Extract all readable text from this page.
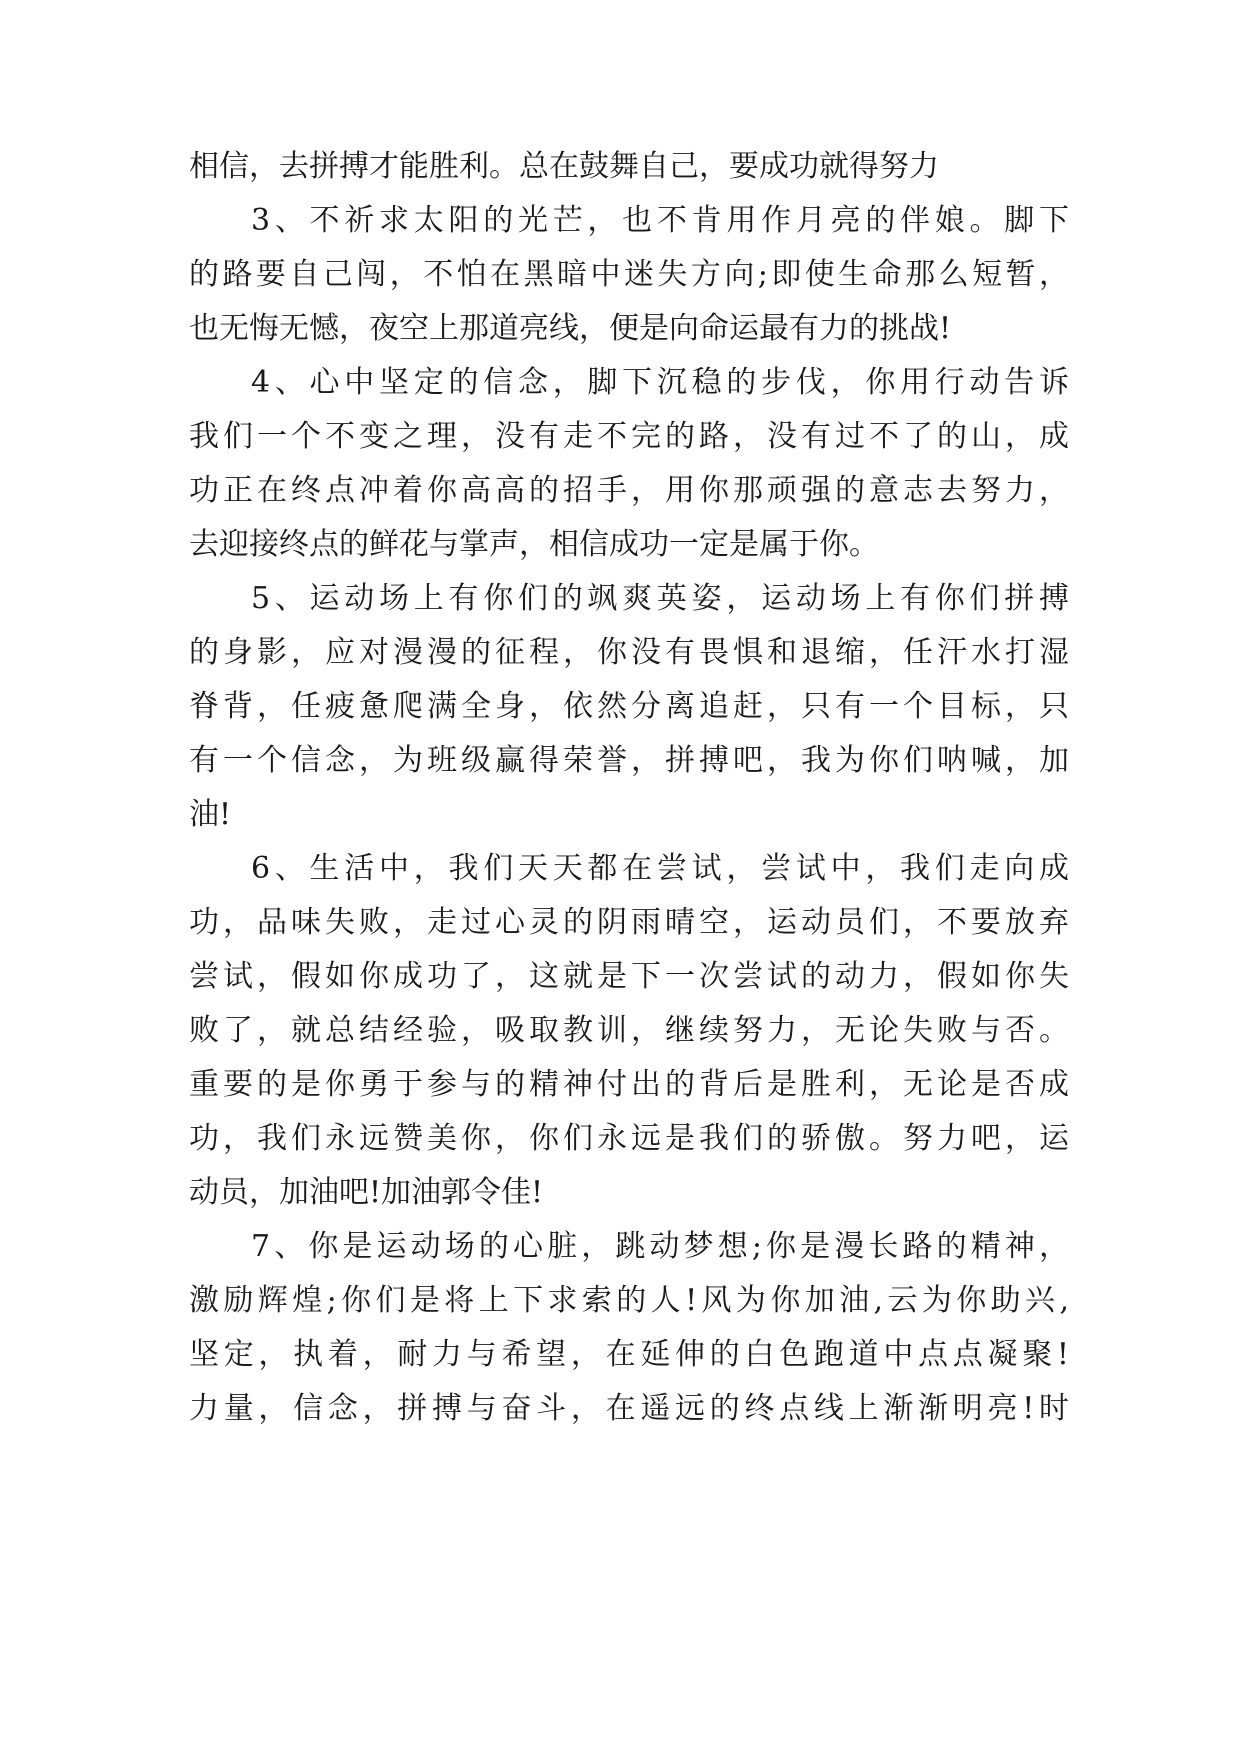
相信，去拼搏才能胜利。总在鼓舞自己，要成功就得努力

3、不祈求太阳的光芒，也不肯用作月亮的伴娘。脚下

的路要自己闯，不怕在黑暗中迷失方向;即使生命那么短暂，

也无悔无憾，夜空上那道亮线，便是向命运最有力的挑战!

4、心中坚定的信念，脚下沉稳的步伐，你用行动告诉

我们一个不变之理，没有走不完的路，没有过不了的山，成

功正在终点冲着你高高的招手，用你那顽强的意志去努力，

去迎接终点的鲜花与掌声，相信成功一定是属于你。

5、运动场上有你们的飒爽英姿，运动场上有你们拼搏

的身影，应对漫漫的征程，你没有畏惧和退缩，任汗水打湿

脊背，任疲惫爬满全身，依然分离追赶，只有一个目标，只

有一个信念，为班级赢得荣誉，拼搏吧，我为你们呐喊，加

油!

6、生活中，我们天天都在尝试，尝试中，我们走向成

功，品味失败，走过心灵的阴雨晴空，运动员们，不要放弃

尝试，假如你成功了，这就是下一次尝试的动力，假如你失

败了，就总结经验，吸取教训，继续努力，无论失败与否。

重要的是你勇于参与的精神付出的背后是胜利，无论是否成

功，我们永远赞美你，你们永远是我们的骄傲。努力吧，运

动员，加油吧!加油郭令佳!

7、你是运动场的心脏，跳动梦想;你是漫长路的精神，

激励辉煌;你们是将上下求索的人!风为你加油,云为你助兴,

坚定，执着，耐力与希望，在延伸的白色跑道中点点凝聚!

力量，信念，拼搏与奋斗，在遥远的终点线上渐渐明亮!时
